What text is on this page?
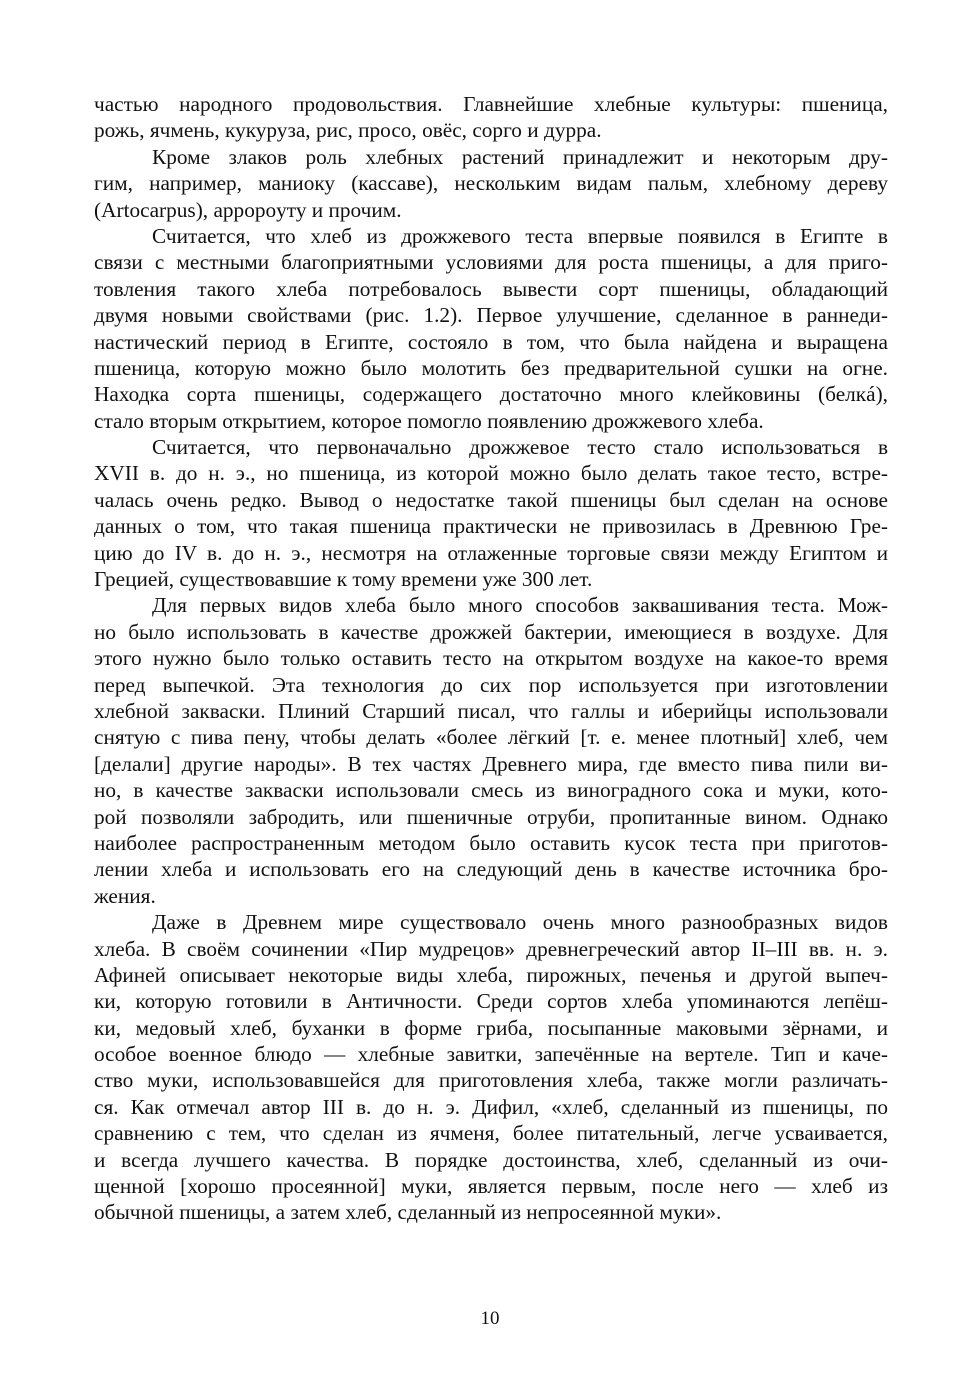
частью народного продовольствия. Главнейшие хлебные культуры: пшеница,
рожь, ячмень, кукуруза, рис, просо, овёс, сорго и дурра.
Кроме злаков роль хлебных растений принадлежит и некоторым дру-
гим, например, маниоку (кассаве), нескольким видам пальм, хлебному дереву
(Artocarpus), аррорoуту и прочим.
Считается, что хлеб из дрожжевого теста впервые появился в Египте в
связи с местными благоприятными условиями для роста пшеницы, а для приго-
товления такого хлеба потребовалось вывести сорт пшеницы, обладающий
двумя новыми свойствами (рис. 1.2). Первое улучшение, сделанное в раннеди-
настический период в Египте, состояло в том, что была найдена и выращена
пшеница, которую можно было молотить без предварительной сушки на огне.
Находка сорта пшеницы, содержащего достаточно много клейковины (белкá),
стало вторым открытием, которое помогло появлению дрожжевого хлеба.
Считается, что первоначально дрожжевое тесто стало использоваться в
XVII в. до н. э., но пшеница, из которой можно было делать такое тесто, встре-
чалась очень редко. Вывод о недостатке такой пшеницы был сделан на основе
данных о том, что такая пшеница практически не привозилась в Древнюю Гре-
цию до IV в. до н. э., несмотря на отлаженные торговые связи между Египтом и
Грецией, существовавшие к тому времени уже 300 лет.
Для первых видов хлеба было много способов заквашивания теста. Мож-
но было использовать в качестве дрожжей бактерии, имеющиеся в воздухе. Для
этого нужно было только оставить тесто на открытом воздухе на какое-то время
перед выпечкой. Эта технология до сих пор используется при изготовлении
хлебной закваски. Плиний Старший писал, что галлы и иберийцы использовали
снятую с пива пену, чтобы делать «более лёгкий [т. е. менее плотный] хлеб, чем
[делали] другие народы». В тех частях Древнего мира, где вместо пива пили ви-
но, в качестве закваски использовали смесь из виноградного сока и муки, кото-
рой позволяли забродить, или пшеничные отруби, пропитанные вином. Однако
наиболее распространенным методом было оставить кусок теста при приготов-
лении хлеба и использовать его на следующий день в качестве источника бро-
жения.
Даже в Древнем мире существовало очень много разнообразных видов
хлеба. В своём сочинении «Пир мудрецов» древнегреческий автор II–III вв. н. э.
Афиней описывает некоторые виды хлеба, пирожных, печенья и другой выпеч-
ки, которую готовили в Античности. Среди сортов хлеба упоминаются лепёш-
ки, медовый хлеб, буханки в форме гриба, посыпанные маковыми зёрнами, и
особое военное блюдо — хлебные завитки, запечённые на вертеле. Тип и каче-
ство муки, использовавшейся для приготовления хлеба, также могли различать-
ся. Как отмечал автор III в. до н. э. Дифил, «хлеб, сделанный из пшеницы, по
сравнению с тем, что сделан из ячменя, более питательный, легче усваивается,
и всегда лучшего качества. В порядке достоинства, хлеб, сделанный из очи-
щенной [хорошо просеянной] муки, является первым, после него — хлеб из
обычной пшеницы, а затем хлеб, сделанный из непросеянной муки».
10
